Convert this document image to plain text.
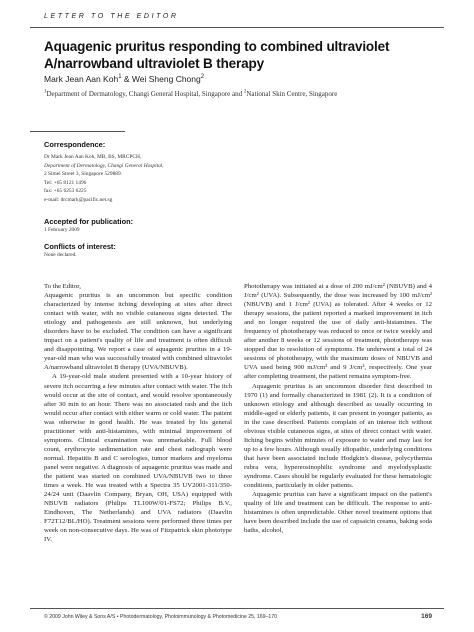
LETTER TO THE EDITOR
Aquagenic pruritus responding to combined ultraviolet A/narrowband ultraviolet B therapy
Mark Jean Aan Koh$^1$ & Wei Sheng Chong$^2$
$^1$Department of Dermatology, Changi General Hospital, Singapore and $^2$National Skin Centre, Singapore
Correspondence:
Dr Mark Jean Aan Koh, MB, BS, MRCPCH,
Department of Dermatology, Changi General Hospital,
2 Simei Street 3, Singapore 529889.
Tel: +65 8121 1496
fax: +65 6253 6225
e-mail: drcmark@pacific.net.sg
Accepted for publication:
1 February 2009
Conflicts of interest:
None declared.

To the Editor,

Aquagenic pruritus is an uncommon but specific condition characterized by intense itching developing at sites after direct contact with water, with no visible cutaneous signs detected. The etiology and pathogenesis are still unknown, but underlying disorders have to be excluded. The condition can have a significant impact on a patient's quality of life and treatment is often difficult and disappointing. We report a case of aquagenic pruritus in a 19-year-old man who was successfully treated with combined ultraviolet A/narrowband ultraviolet B therapy (UVA/NBUVB).

A 19-year-old male student presented with a 10-year history of severe itch occurring a few minutes after contact with water. The itch would occur at the site of contact, and would resolve spontaneously after 30 min to an hour. There was no associated rash and the itch would occur after contact with either warm or cold water. The patient was otherwise in good health. He was treated by his general practitioner with anti-histamines, with minimal improvement of symptoms. Clinical examination was unremarkable. Full blood count, erythrocyte sedimentation rate and chest radiograph were normal. Hepatitis B and C serologies, tumor markers and myeloma panel were negative. A diagnosis of aquagenic pruritus was made and the patient was started on combined UVA/NBUVB two to three times a week. He was treated with a Spectra 35 UV2001-311/350-24/24 unit (Daavlin Company, Bryan, OH, USA) equipped with NBUVB radiators (Philips TL100W/01-FS72; Philips B.V., Eindhoven, The Netherlands) and UVA radiators (Daavlin F72T12/BL/HO). Treatment sessions were performed three times per week on non-consecutive days. He was of Fitzpatrick skin phototype IV.

Phototherapy was initiated at a dose of 200 mJ/cm² (NBUVB) and 4 J/cm² (UVA). Subsequently, the dose was increased by 100 mJ/cm² (NBUVB) and 1 J/cm² (UVA) as tolerated. After 4 weeks or 12 therapy sessions, the patient reported a marked improvement in itch and no longer required the use of daily anti-histamines. The frequency of phototherapy was reduced to once or twice weekly and after another 8 weeks or 12 sessions of treatment, phototherapy was stopped due to resolution of symptoms. He underwent a total of 24 sessions of phototherapy, with the maximum doses of NBUVB and UVA used being 900 mJ/cm² and 9 J/cm², respectively. One year after completing treatment, the patient remains symptom-free.

Aquagenic pruritus is an uncommon disorder first described in 1970 (1) and formally characterized in 1981 (2). It is a condition of unknown etiology and although described as usually occurring in middle-aged or elderly patients, it can present in younger patients, as in the case described. Patients complain of an intense itch without obvious visible cutaneous signs, at sites of direct contact with water. Itching begins within minutes of exposure to water and may last for up to a few hours. Although usually idiopathic, underlying conditions that have been associated include Hodgkin's disease, polycythemia rubra vera, hypereosinophilic syndrome and myelodysplastic syndrome. Cases should be regularly evaluated for these hematologic conditions, particularly in older patients.

Aquagenic pruritus can have a significant impact on the patient's quality of life and treatment can be difficult. The response to anti-histamines is often unpredictable. Other novel treatment options that have been described include the use of capsaicin creams, baking soda baths, alcohol,

© 2009 John Wiley & Sons A/S • Photodermatology, Photoimmunology & Photomedicine 25, 169–170	169
